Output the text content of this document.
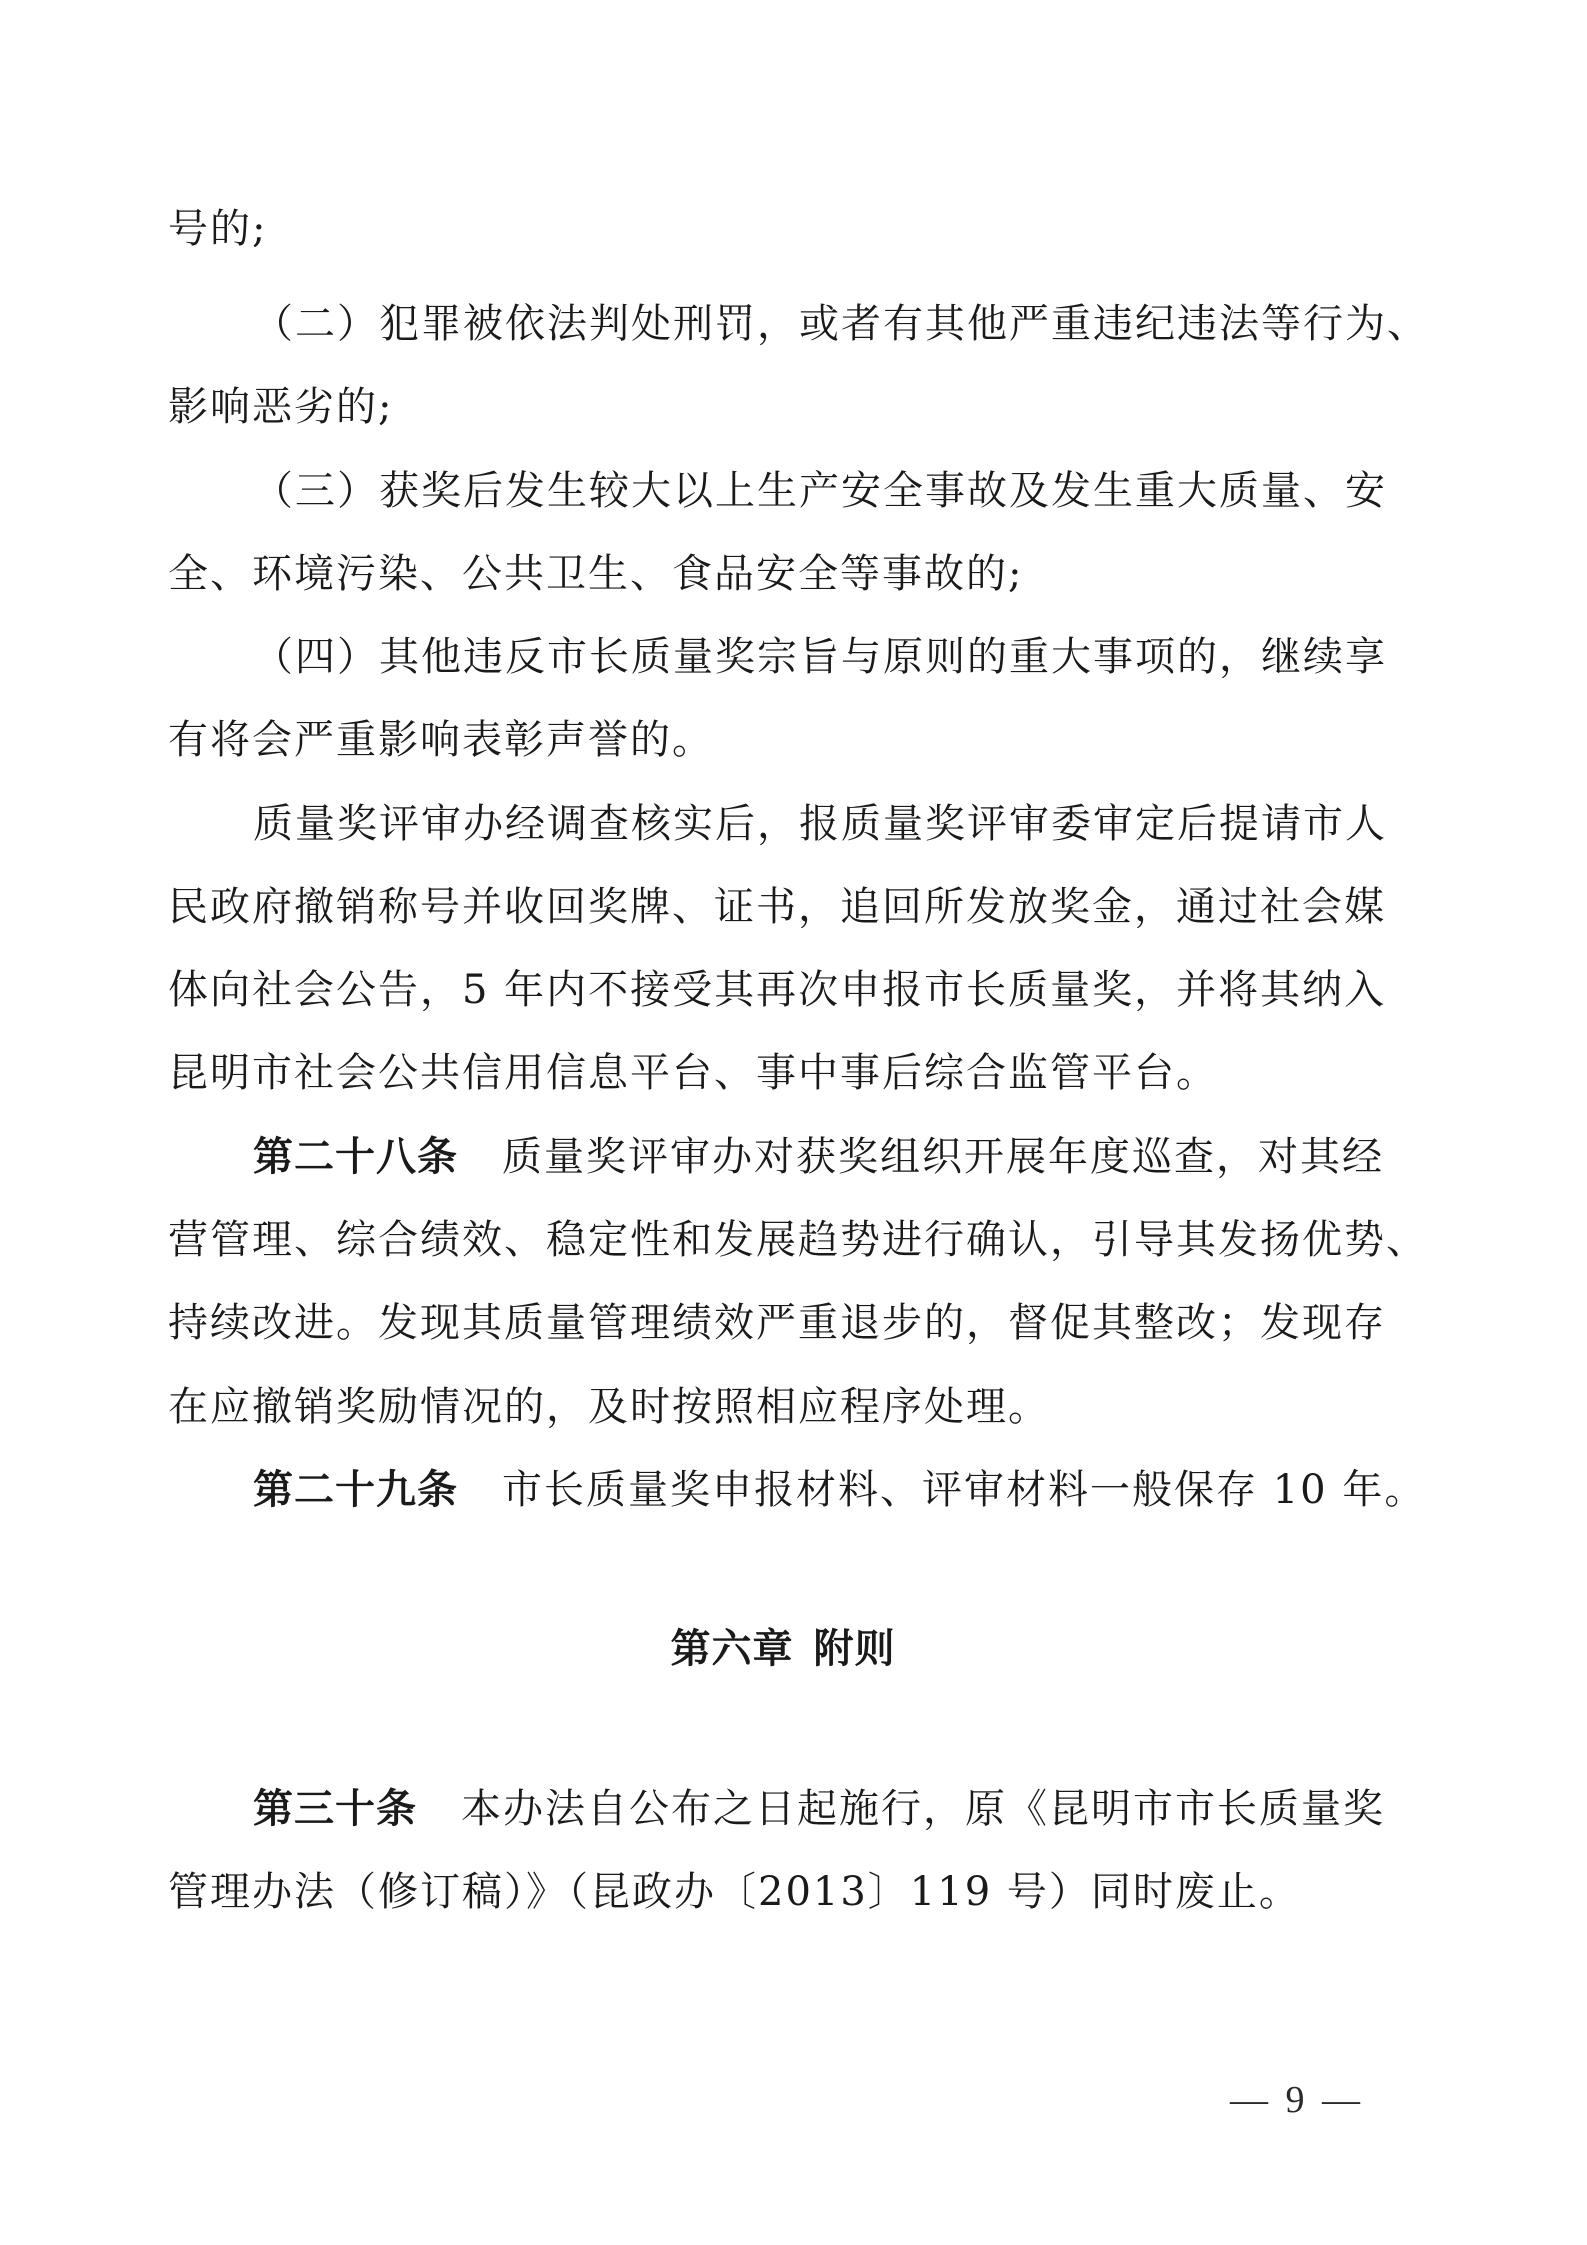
号的;
（二）犯罪被依法判处刑罚，或者有其他严重违纪违法等行为、
影响恶劣的;
（三）获奖后发生较大以上生产安全事故及发生重大质量、安
全、环境污染、公共卫生、食品安全等事故的;
（四）其他违反市长质量奖宗旨与原则的重大事项的，继续享
有将会严重影响表彰声誉的。
质量奖评审办经调查核实后，报质量奖评审委审定后提请市人
民政府撤销称号并收回奖牌、证书，追回所发放奖金，通过社会媒
体向社会公告，5 年内不接受其再次申报市长质量奖，并将其纳入
昆明市社会公共信用信息平台、事中事后综合监管平台。
第二十八条 质量奖评审办对获奖组织开展年度巡查，对其经
营管理、综合绩效、稳定性和发展趋势进行确认，引导其发扬优势、
持续改进。发现其质量管理绩效严重退步的，督促其整改；发现存
在应撤销奖励情况的，及时按照相应程序处理。
第二十九条 市长质量奖申报材料、评审材料一般保存 10 年。
第六章 附则
第三十条 本办法自公布之日起施行，原《昆明市市长质量奖
管理办法（修订稿）》（昆政办〔2013〕119 号）同时废止。
— 9 —
